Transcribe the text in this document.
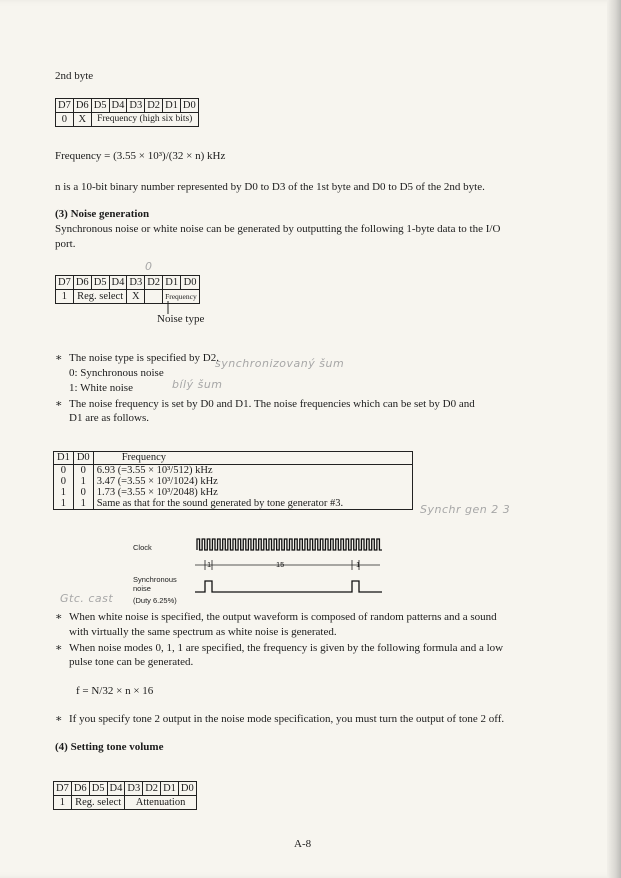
2nd byte
D7	D6	D5	D4	D3	D2	D1	D0
0	X	Frequency (high six bits)					
Frequency = (3.55 × 10³)/(32 × n) kHz
n is a 10-bit binary number represented by D0 to D3 of the 1st byte and D0 to D5 of the 2nd byte.
(3) Noise generation
Synchronous noise or white noise can be generated by outputting the following 1-byte data to the I/O
port.
0
D7	D6	D5	D4	D3	D2	D1	D0
1	Reg. select			X		Frequency	
Noise type
∗ The noise type is specified by D2.
0: Synchronous noise
1: White noise
synchronizovaný šum
bílý šum
∗ The noise frequency is set by D0 and D1. The noise frequencies which can be set by D0 and
D1 are as follows.
D1	D0	Frequency
0	0	6.93 (=3.55 × 10³/512) kHz
0	1	3.47 (=3.55 × 10³/1024) kHz
1	0	1.73 (=3.55 × 10³/2048) kHz
1	1	Same as that for the sound generated by tone generator #3.	Synchr gen 2 3
Clock
Synchronous
noise
(Duty 6.25%)
1	15	1
Gtc. cast
∗ When white noise is specified, the output waveform is composed of random patterns and a sound
with virtually the same spectrum as white noise is generated.
∗ When noise modes 0, 1, 1 are specified, the frequency is given by the following formula and a low
pulse tone can be generated.
f = N/32 × n × 16
∗ If you specify tone 2 output in the noise mode specification, you must turn the output of tone 2 off.
(4) Setting tone volume
D7	D6	D5	D4	D3	D2	D1	D0
1	Reg. select			Attenuation			
A-8
